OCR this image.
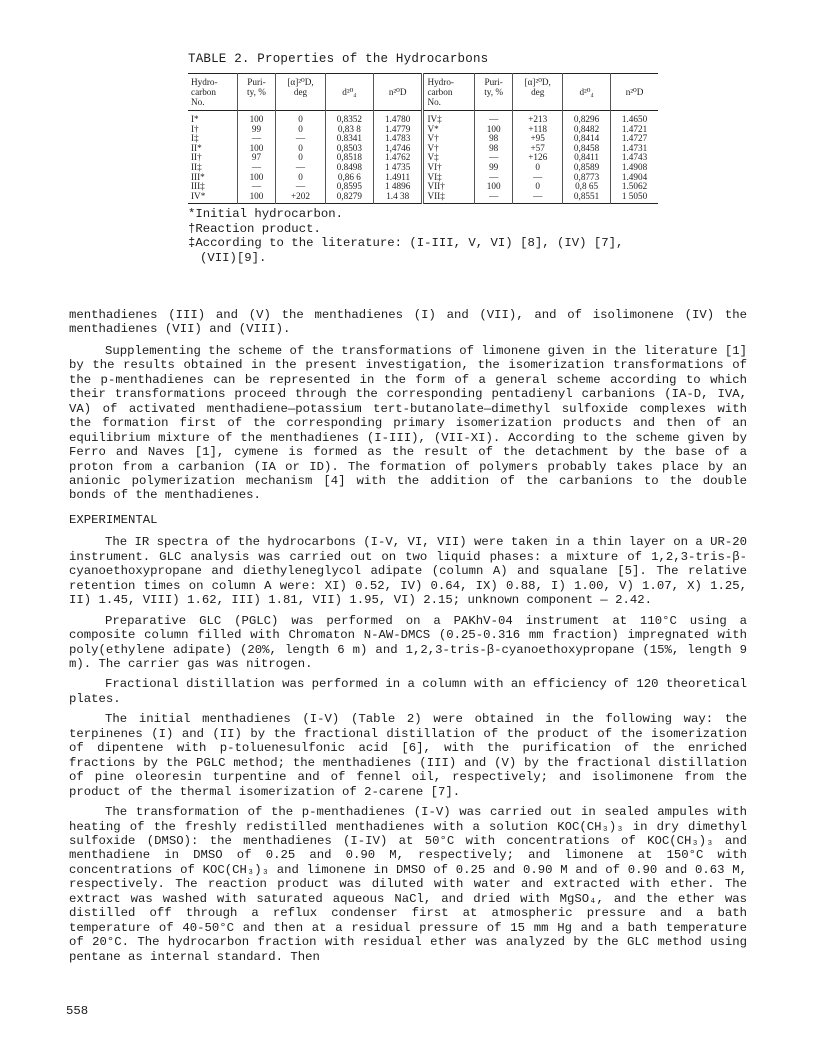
TABLE 2. Properties of the Hydrocarbons
Hydro-
carbon
No.	Puri-
ty, %	[α]²⁰D,
deg	d²⁰₄	n²⁰D	Hydro-
carbon
No.	Puri-
ty, %	[α]²⁰D,
deg	d²⁰₄	n²⁰D
I*	100	0	0,8352	1.4780	IV‡	—	+213	0,8296	1.4650
I†	99	0	0,83 8	1.4779	V*	100	+118	0,8482	1.4721
I‡	—	—	0.8341	1.4783	V†	98	+95	0,8414	1.4727
II*	100	0	0,8503	1,4746	V†	98	+57	0,8458	1.4731
II†	97	0	0,8518	1.4762	V‡	—	+126	0,8411	1.4743
II‡	—	—	0.8498	1 4735	VI†	99	0	0,8589	1.4908
III*	100	0	0,86 6	1.4911	VI‡	—	—	0,8773	1.4904
III‡	—	—	0,8595	1 4896	VII†	100	0	0,8 65	1.5062
IV*	100	+202	0,8279	1.4 38	VII‡	—	—	0,8551	1 5050

*Initial hydrocarbon.

†Reaction product.

‡According to the literature: (I-III, V, VI) [8], (IV) [7],

(VII)[9].

menthadienes (III) and (V) the menthadienes (I) and (VII), and of isolimonene (IV) the menthadienes (VII) and (VIII).

Supplementing the scheme of the transformations of limonene given in the literature [1] by the results obtained in the present investigation, the isomerization transformations of the p-menthadienes can be represented in the form of a general scheme according to which their transformations proceed through the corresponding pentadienyl carbanions (IA-D, IVA, VA) of activated menthadiene—potassium tert-butanolate—dimethyl sulfoxide complexes with the formation first of the corresponding primary isomerization products and then of an equilibrium mixture of the menthadienes (I-III), (VII-XI). According to the scheme given by Ferro and Naves [1], cymene is formed as the result of the detachment by the base of a proton from a carbanion (IA or ID). The formation of polymers probably takes place by an anionic polymerization mechanism [4] with the addition of the carbanions to the double bonds of the menthadienes.

EXPERIMENTAL

The IR spectra of the hydrocarbons (I-V, VI, VII) were taken in a thin layer on a UR-20 instrument. GLC analysis was carried out on two liquid phases: a mixture of 1,2,3-tris-β-cyanoethoxypropane and diethyleneglycol adipate (column A) and squalane [5]. The relative retention times on column A were: XI) 0.52, IV) 0.64, IX) 0.88, I) 1.00, V) 1.07, X) 1.25, II) 1.45, VIII) 1.62, III) 1.81, VII) 1.95, VI) 2.15; unknown component — 2.42.

Preparative GLC (PGLC) was performed on a PAKhV-04 instrument at 110°C using a composite column filled with Chromaton N-AW-DMCS (0.25-0.316 mm fraction) impregnated with poly(ethylene adipate) (20%, length 6 m) and 1,2,3-tris-β-cyanoethoxypropane (15%, length 9 m). The carrier gas was nitrogen.

Fractional distillation was performed in a column with an efficiency of 120 theoretical plates.

The initial menthadienes (I-V) (Table 2) were obtained in the following way: the terpinenes (I) and (II) by the fractional distillation of the product of the isomerization of dipentene with p-toluenesulfonic acid [6], with the purification of the enriched fractions by the PGLC method; the menthadienes (III) and (V) by the fractional distillation of pine oleoresin turpentine and of fennel oil, respectively; and isolimonene from the product of the thermal isomerization of 2-carene [7].

The transformation of the p-menthadienes (I-V) was carried out in sealed ampules with heating of the freshly redistilled menthadienes with a solution KOC(CH₃)₃ in dry dimethyl sulfoxide (DMSO): the menthadienes (I-IV) at 50°C with concentrations of KOC(CH₃)₃ and menthadiene in DMSO of 0.25 and 0.90 M, respectively; and limonene at 150°C with concentrations of KOC(CH₃)₃ and limonene in DMSO of 0.25 and 0.90 M and of 0.90 and 0.63 M, respectively. The reaction product was diluted with water and extracted with ether. The extract was washed with saturated aqueous NaCl, and dried with MgSO₄, and the ether was distilled off through a reflux condenser first at atmospheric pressure and a bath temperature of 40-50°C and then at a residual pressure of 15 mm Hg and a bath temperature of 20°C. The hydrocarbon fraction with residual ether was analyzed by the GLC method using pentane as internal standard. Then

558
